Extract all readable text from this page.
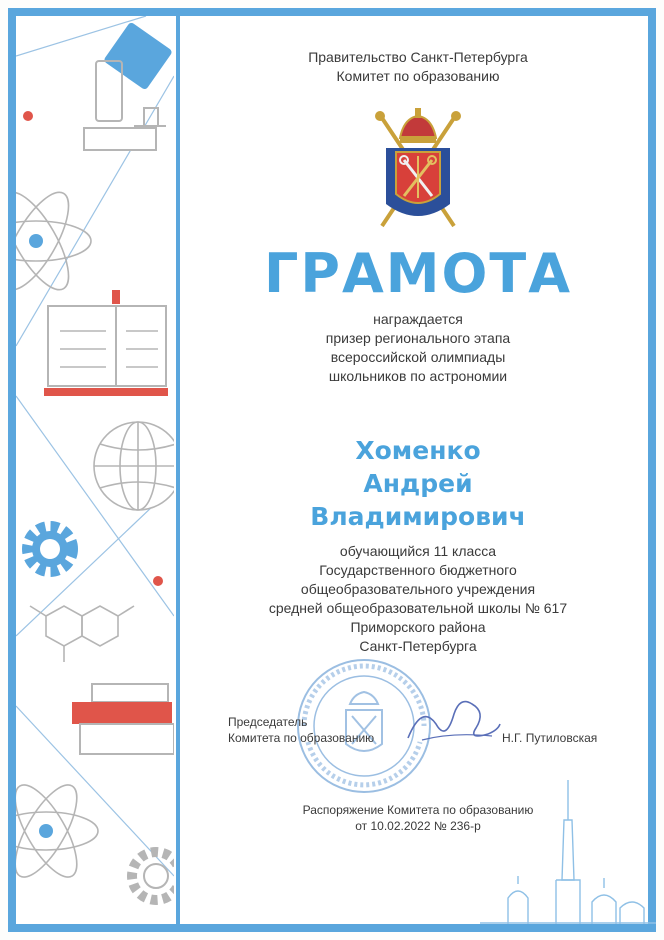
Правительство Санкт-Петербурга
Комитет по образованию
ГРАМОТА
награждается
призер регионального этапа
всероссийской олимпиады
школьников по астрономии
Хоменко
Андрей
Владимирович
обучающийся 11 класса
Государственного бюджетного
общеобразовательного учреждения
средней общеобразовательной школы № 617
Приморского района
Санкт-Петербурга
Председатель
Комитета по образованию	Н.Г. Путиловская
Распоряжение Комитета по образованию
от 10.02.2022 № 236-р
